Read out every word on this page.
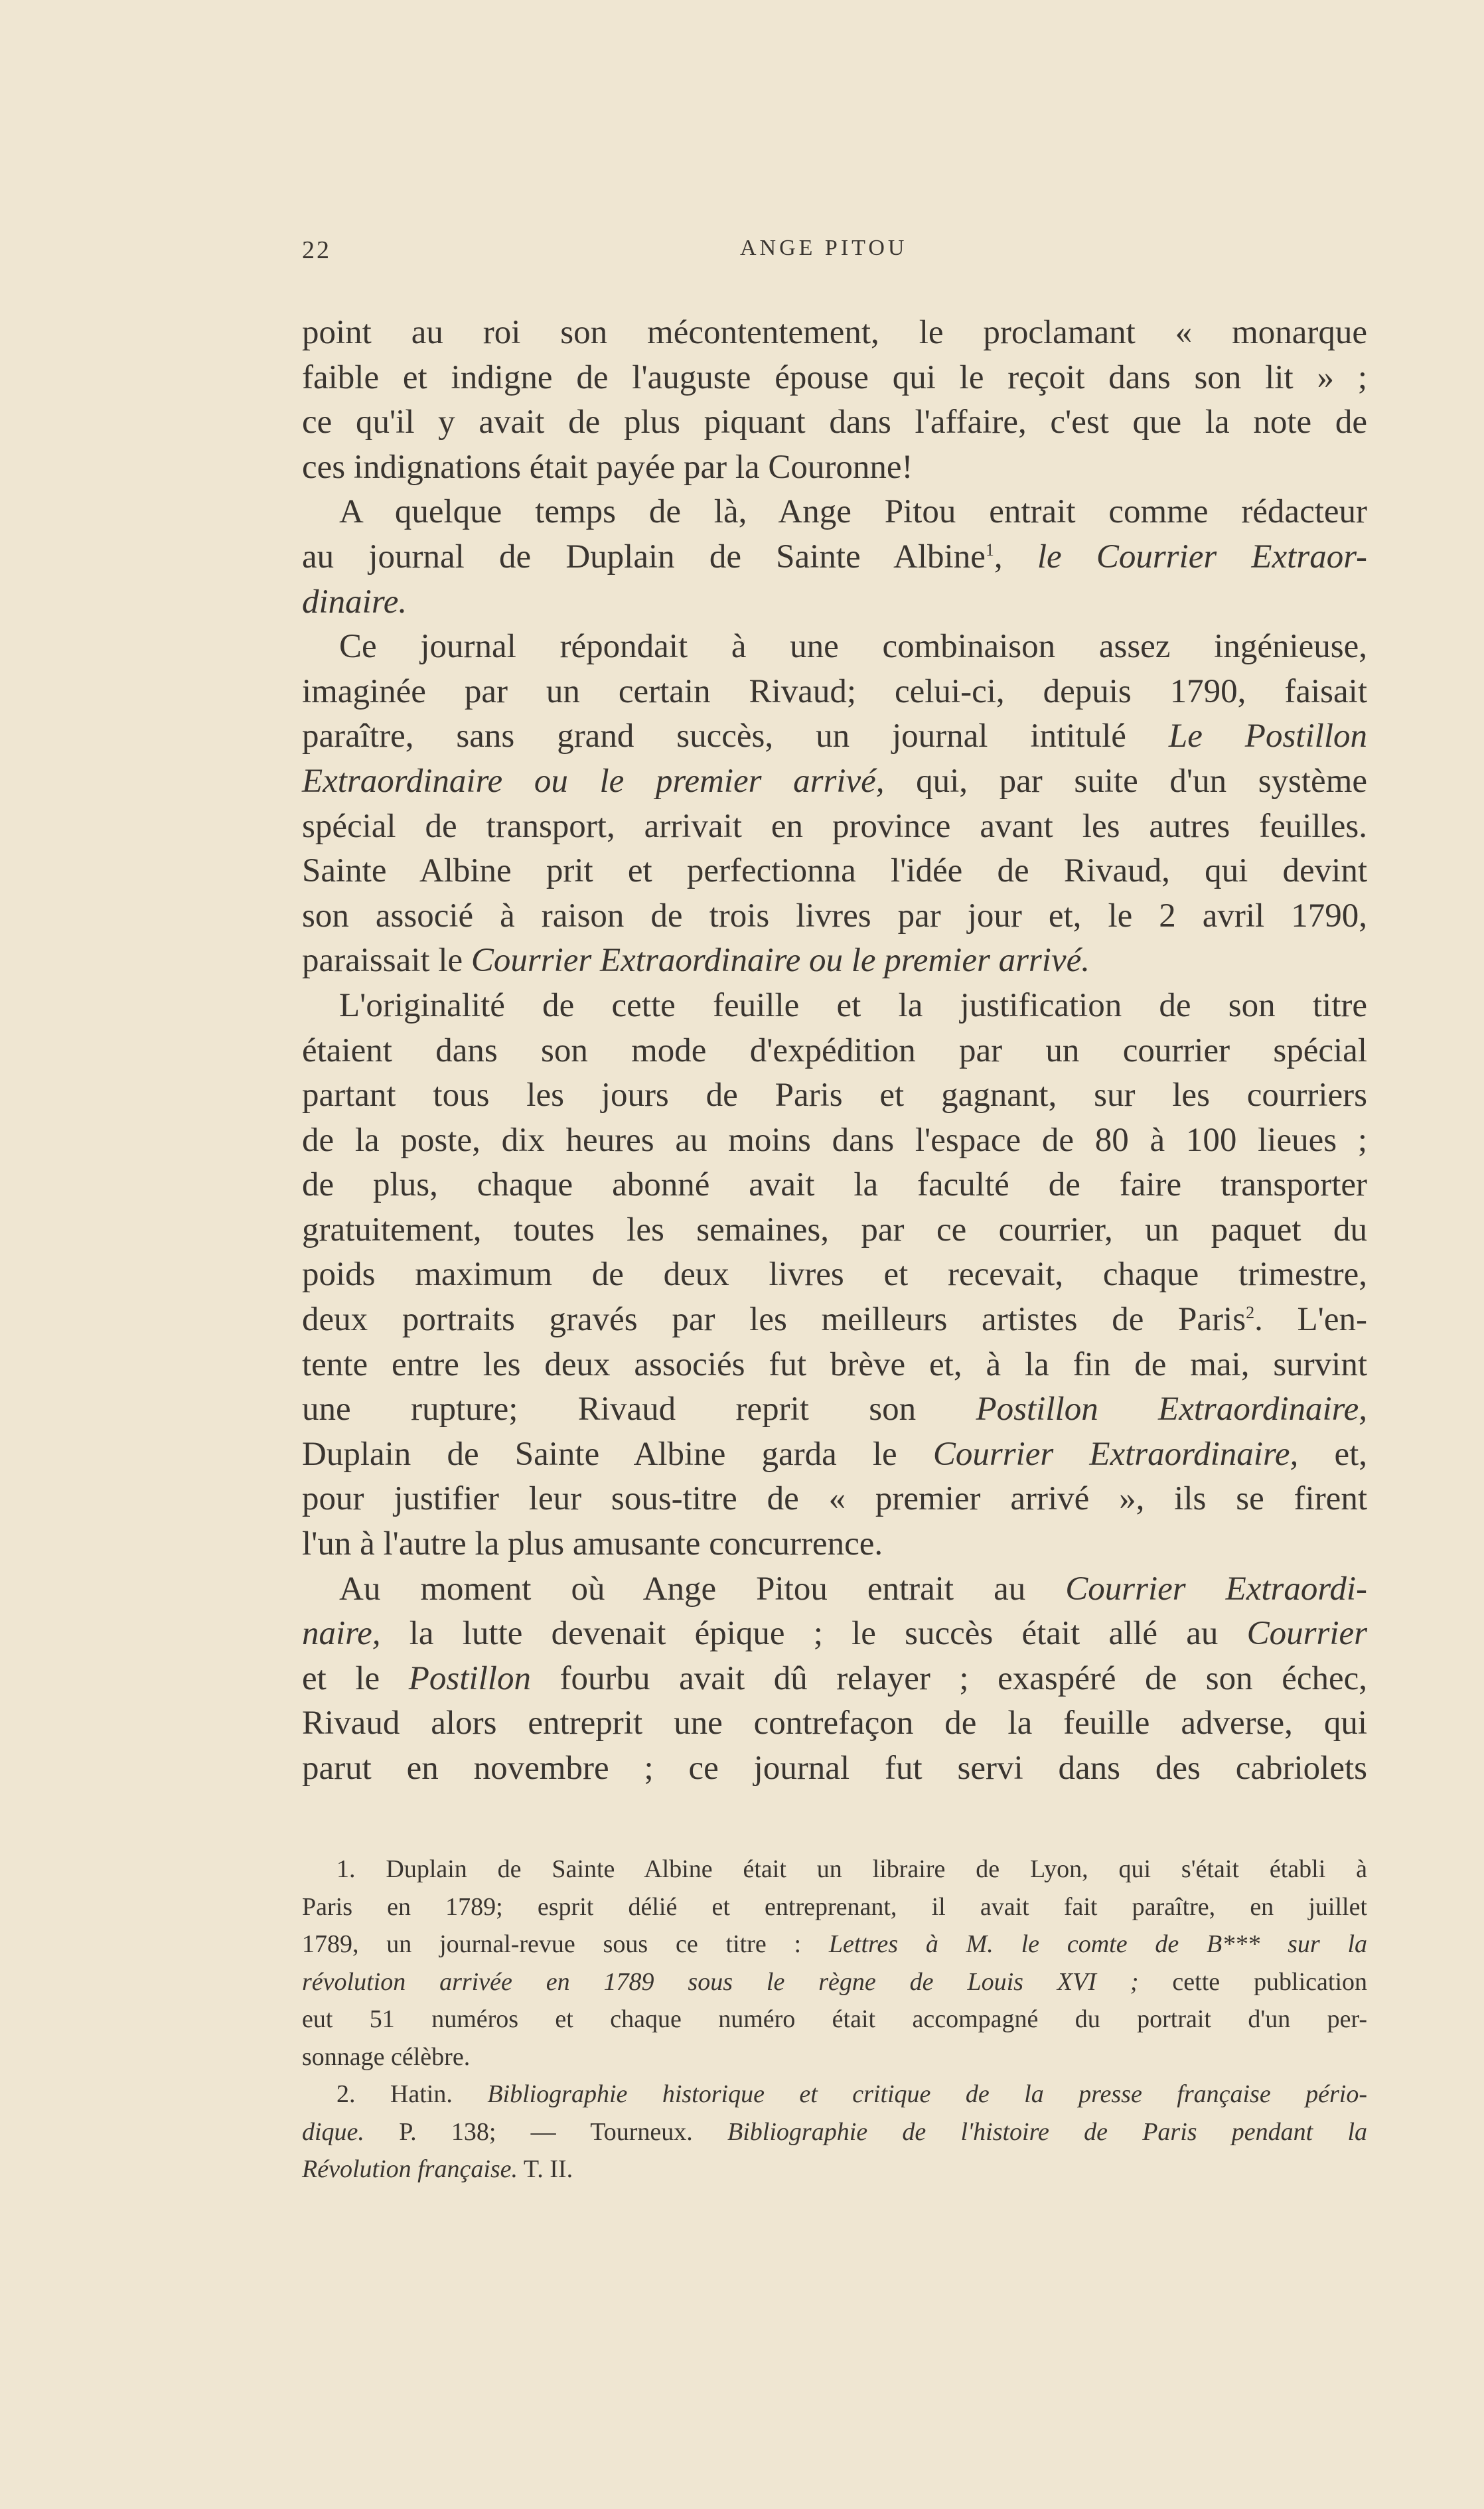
22	ANGE PITOU
point au roi son mécontentement, le proclamant « monarque
faible et indigne de l'auguste épouse qui le reçoit dans son lit » ;
ce qu'il y avait de plus piquant dans l'affaire, c'est que la note de
ces indignations était payée par la Couronne!
A quelque temps de là, Ange Pitou entrait comme rédacteur
au journal de Duplain de Sainte Albine$^1$, le Courrier Extraor-
dinaire.
Ce journal répondait à une combinaison assez ingénieuse,
imaginée par un certain Rivaud; celui-ci, depuis 1790, faisait
paraître, sans grand succès, un journal intitulé Le Postillon
Extraordinaire ou le premier arrivé, qui, par suite d'un système
spécial de transport, arrivait en province avant les autres feuilles.
Sainte Albine prit et perfectionna l'idée de Rivaud, qui devint
son associé à raison de trois livres par jour et, le 2 avril 1790,
paraissait le Courrier Extraordinaire ou le premier arrivé.
L'originalité de cette feuille et la justification de son titre
étaient dans son mode d'expédition par un courrier spécial
partant tous les jours de Paris et gagnant, sur les courriers
de la poste, dix heures au moins dans l'espace de 80 à 100 lieues ;
de plus, chaque abonné avait la faculté de faire transporter
gratuitement, toutes les semaines, par ce courrier, un paquet du
poids maximum de deux livres et recevait, chaque trimestre,
deux portraits gravés par les meilleurs artistes de Paris$^2$. L'en-
tente entre les deux associés fut brève et, à la fin de mai, survint
une rupture; Rivaud reprit son Postillon Extraordinaire,
Duplain de Sainte Albine garda le Courrier Extraordinaire, et,
pour justifier leur sous-titre de « premier arrivé », ils se firent
l'un à l'autre la plus amusante concurrence.
Au moment où Ange Pitou entrait au Courrier Extraordi-
naire, la lutte devenait épique ; le succès était allé au Courrier
et le Postillon fourbu avait dû relayer ; exaspéré de son échec,
Rivaud alors entreprit une contrefaçon de la feuille adverse, qui
parut en novembre ; ce journal fut servi dans des cabriolets
1. Duplain de Sainte Albine était un libraire de Lyon, qui s'était établi à
Paris en 1789; esprit délié et entreprenant, il avait fait paraître, en juillet
1789, un journal-revue sous ce titre : Lettres à M. le comte de B*** sur la
révolution arrivée en 1789 sous le règne de Louis XVI ; cette publication
eut 51 numéros et chaque numéro était accompagné du portrait d'un per-
sonnage célèbre.
2. Hatin. Bibliographie historique et critique de la presse française pério-
dique. P. 138; — Tourneux. Bibliographie de l'histoire de Paris pendant la
Révolution française. T. II.
